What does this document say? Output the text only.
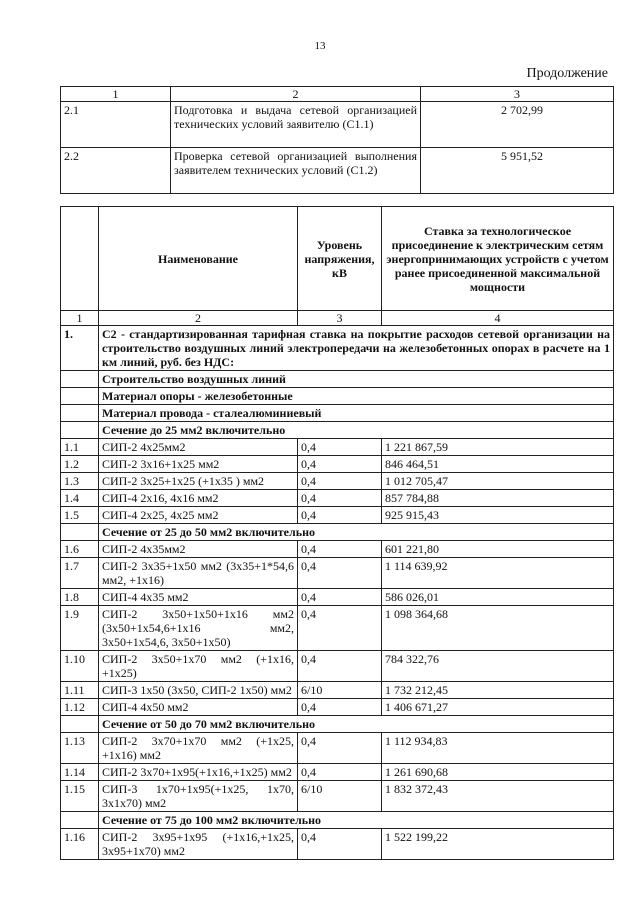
13
Продолжение
1	2	3
2.1	Подготовка и выдача сетевой организацией технических условий заявителю (C1.1)	2 702,99
2.2	Проверка сетевой организацией выполнения заявителем технических условий (C1.2)	5 951,52
	Наименование	Уровень напряжения, кВ	Ставка за технологическое присоединение к электрическим сетям энергопринимающих устройств с учетом ранее присоединенной максимальной мощности
1	2	3	4
1.	C2 - стандартизированная тарифная ставка на покрытие расходов сетевой организации на строительство воздушных линий электропередачи на железобетонных опорах в расчете на 1 км линий, руб. без НДС:		
	Строительство воздушных линий		
	Материал опоры - железобетонные		
	Материал провода - сталеалюминиевый		
	Сечение до 25 мм2 включительно		
1.1	СИП-2 4х25мм2	0,4	1 221 867,59
1.2	СИП-2 3х16+1х25 мм2	0,4	846 464,51
1.3	СИП-2 3х25+1х25 (+1х35 ) мм2	0,4	1 012 705,47
1.4	СИП-4 2х16, 4х16 мм2	0,4	857 784,88
1.5	СИП-4 2х25, 4х25 мм2	0,4	925 915,43
	Сечение от 25 до 50 мм2 включительно		
1.6	СИП-2 4х35мм2	0,4	601 221,80
1.7	СИП-2 3х35+1х50 мм2 (3х35+1*54,6 мм2, +1х16)	0,4	1 114 639,92
1.8	СИП-4 4х35 мм2	0,4	586 026,01
1.9	СИП-2 3х50+1х50+1х16 мм2 (3х50+1х54,6+1х16 мм2, 3х50+1х54,6, 3х50+1х50)	0,4	1 098 364,68
1.10	СИП-2 3х50+1х70 мм2 (+1х16, +1х25)	0,4	784 322,76
1.11	СИП-3 1х50 (3х50, СИП-2 1х50) мм2	6/10	1 732 212,45
1.12	СИП-4 4х50 мм2	0,4	1 406 671,27
	Сечение от 50 до 70 мм2 включительно		
1.13	СИП-2 3х70+1х70 мм2 (+1х25, +1х16) мм2	0,4	1 112 934,83
1.14	СИП-2 3х70+1х95(+1х16,+1х25) мм2	0,4	1 261 690,68
1.15	СИП-3 1х70+1х95(+1х25, 1х70, 3х1х70) мм2	6/10	1 832 372,43
	Сечение от 75 до 100 мм2 включительно		
1.16	СИП-2 3х95+1х95 (+1х16,+1х25, 3х95+1х70) мм2	0,4	1 522 199,22
